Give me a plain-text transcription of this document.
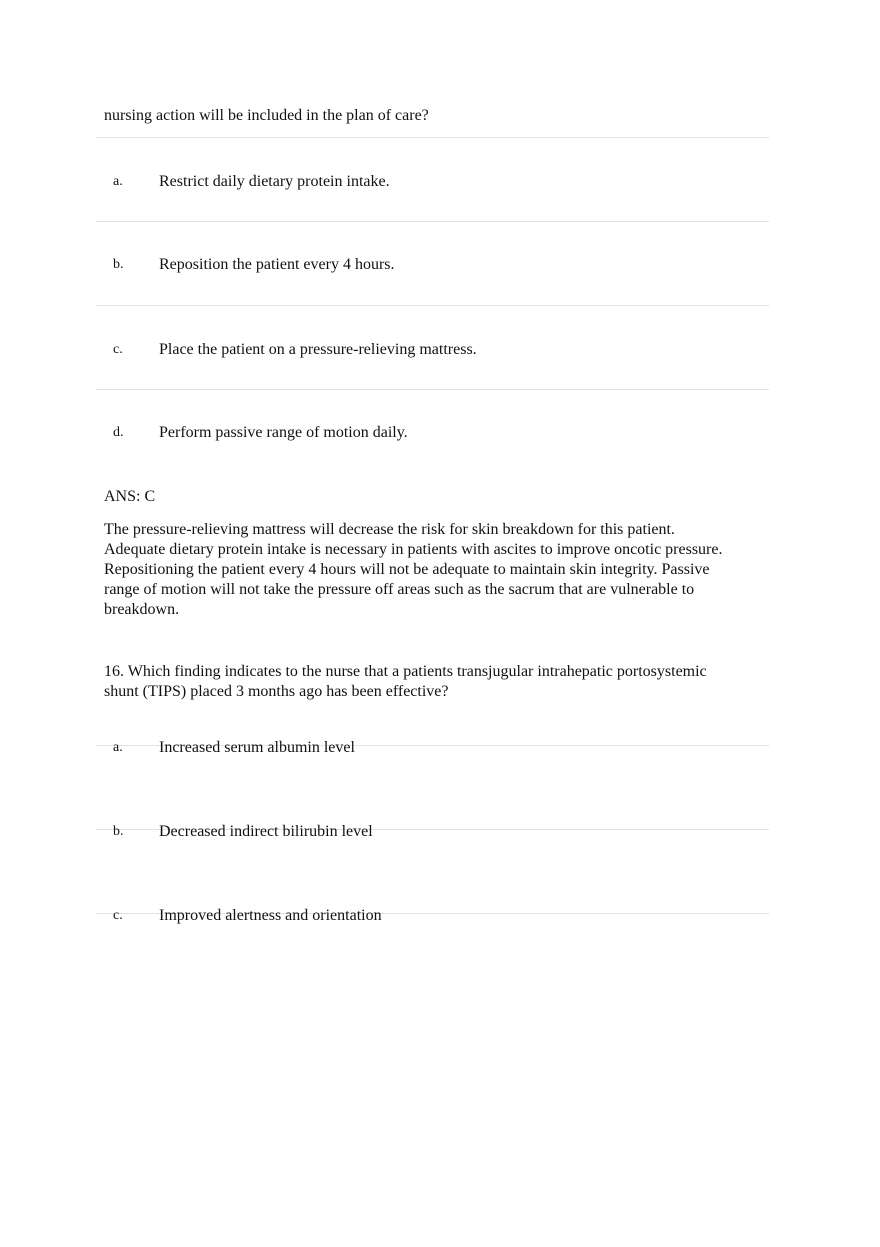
nursing action will be included in the plan of care?
a. Restrict daily dietary protein intake.
b. Reposition the patient every 4 hours.
c. Place the patient on a pressure-relieving mattress.
d. Perform passive range of motion daily.
ANS: C
The pressure-relieving mattress will decrease the risk for skin breakdown for this patient.
Adequate dietary protein intake is necessary in patients with ascites to improve oncotic pressure.
Repositioning the patient every 4 hours will not be adequate to maintain skin integrity. Passive
range of motion will not take the pressure off areas such as the sacrum that are vulnerable to
breakdown.
16. Which finding indicates to the nurse that a patients transjugular intrahepatic portosystemic
shunt (TIPS) placed 3 months ago has been effective?
a. Increased serum albumin level
b. Decreased indirect bilirubin level
c. Improved alertness and orientation
